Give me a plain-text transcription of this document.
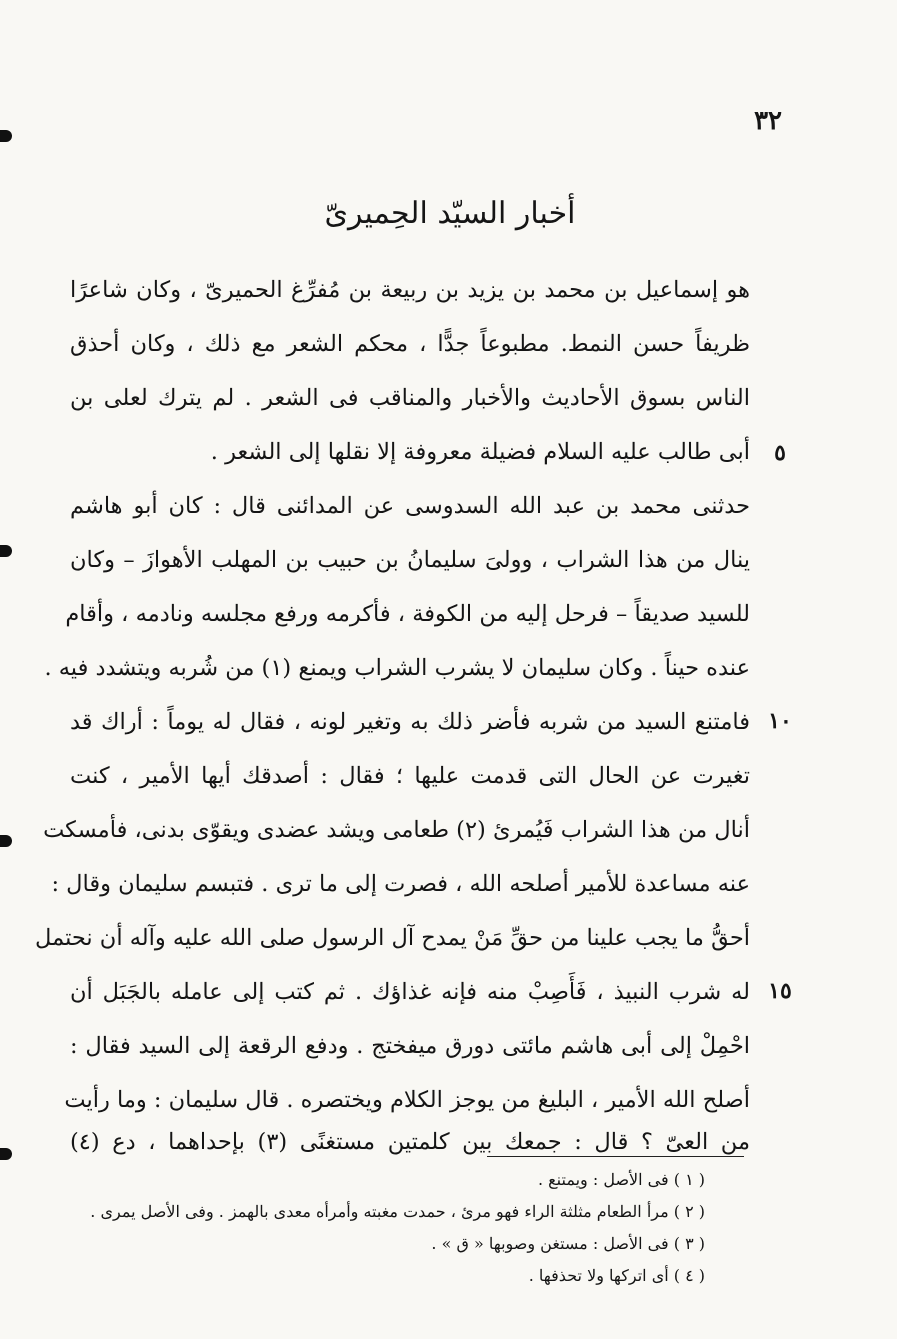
٣٢
أخبار السيّد الحِميرىّ
هو إسماعيل بن محمد بن يزيد بن ربيعة بن مُفرِّغ الحميرىّ ، وكان شاعرًا
ظريفاً حسن النمط. مطبوعاً جدًّا ، محكم الشعر مع ذلك ، وكان أحذق
الناس بسوق الأحاديث والأخبار والمناقب فى الشعر . لم يترك لعلى بن
أبى طالب عليه السلام فضيلة معروفة إلا نقلها إلى الشعر .
حدثنى محمد بن عبد الله السدوسى عن المدائنى قال : كان أبو هاشم
ينال من هذا الشراب ، وولىَ سليمانُ بن حبيب بن المهلب الأهوازَ – وكان
للسيد صديقاً – فرحل إليه من الكوفة ، فأكرمه ورفع مجلسه ونادمه ، وأقام
عنده حيناً . وكان سليمان لا يشرب الشراب ويمنع (١) من شُربه ويتشدد فيه .
فامتنع السيد من شربه فأضر ذلك به وتغير لونه ، فقال له يوماً : أراك قد
تغيرت عن الحال التى قدمت عليها ؛ فقال : أصدقك أيها الأمير ، كنت
أنال من هذا الشراب فَيُمرئ (٢) طعامى ويشد عضدى ويقوّى بدنى، فأمسكت
عنه مساعدة للأمير أصلحه الله ، فصرت إلى ما ترى . فتبسم سليمان وقال :
أحقُّ ما يجب علينا من حقِّ مَنْ يمدح آل الرسول صلى الله عليه وآله أن نحتمل
له شرب النبيذ ، فَأَصِبْ منه فإنه غذاؤك . ثم كتب إلى عامله بالجَبَل أن
احْمِلْ إلى أبى هاشم مائتى دورق ميفختج . ودفع الرقعة إلى السيد فقال :
أصلح الله الأمير ، البليغ من يوجز الكلام ويختصره . قال سليمان : وما رأيت
من العىّ ؟ قال : جمعك بين كلمتين مستغنًى (٣) بإحداهما ، دع (٤)
٥
١٠
١٥
( ١ ) فى الأصل : ويمتنع .
( ٢ ) مرأ الطعام مثلثة الراء فهو مرئ ، حمدت مغبته وأمرأه معدى بالهمز . وفى الأصل يمرى .
( ٣ ) فى الأصل : مستغن وصوبها « ق » .
( ٤ ) أى اتركها ولا تحذفها .
